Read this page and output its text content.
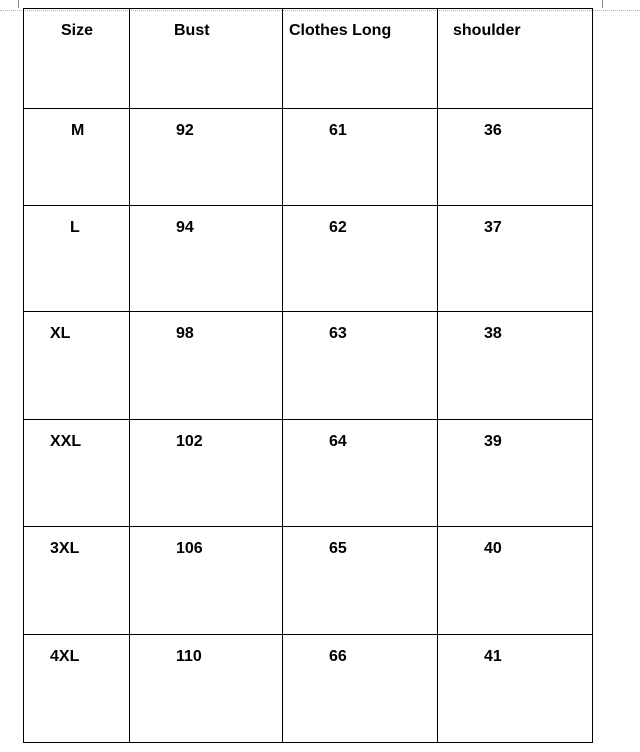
Size	Bust	Clothes Long	shoulder

M	92	61	36

L	94	62	37

XL	98	63	38

XXL	102	64	39

3XL	106	65	40

4XL	110	66	41
